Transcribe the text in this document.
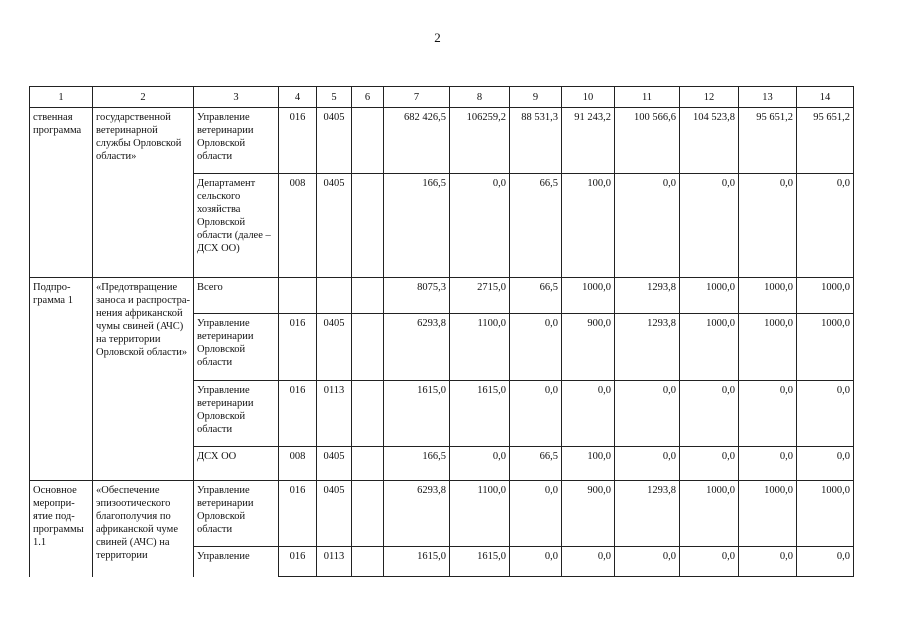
2
1	2	3	4	5	6	7	8	9	10	11	12	13	14
ственная программа	государственной ветеринарной службы Орловской области»	Управление ветеринарии Орловской области	016	0405		682 426,5	106259,2	88 531,3	91 243,2	100 566,6	104 523,8	95 651,2	95 651,2
		Департамент сельского хозяйства Орловской области (далее – ДСХ ОО)	008	0405		166,5	0,0	66,5	100,0	0,0	0,0	0,0	0,0
Подпро-грамма 1	«Предотвращение заноса и распростра-нения африканской чумы свиней (АЧС) на территории Орловской области»	Всего				8075,3	2715,0	66,5	1000,0	1293,8	1000,0	1000,0	1000,0
		Управление ветеринарии Орловской области	016	0405		6293,8	1100,0	0,0	900,0	1293,8	1000,0	1000,0	1000,0
		Управление ветеринарии Орловской области	016	0113		1615,0	1615,0	0,0	0,0	0,0	0,0	0,0	0,0
		ДСХ ОО	008	0405		166,5	0,0	66,5	100,0	0,0	0,0	0,0	0,0
Основное меропри-ятие под-программы 1.1	«Обеспечение эпизоотического благополучия по африканской чуме свиней (АЧС) на территории	Управление ветеринарии Орловской области	016	0405		6293,8	1100,0	0,0	900,0	1293,8	1000,0	1000,0	1000,0
		Управление	016	0113		1615,0	1615,0	0,0	0,0	0,0	0,0	0,0	0,0
